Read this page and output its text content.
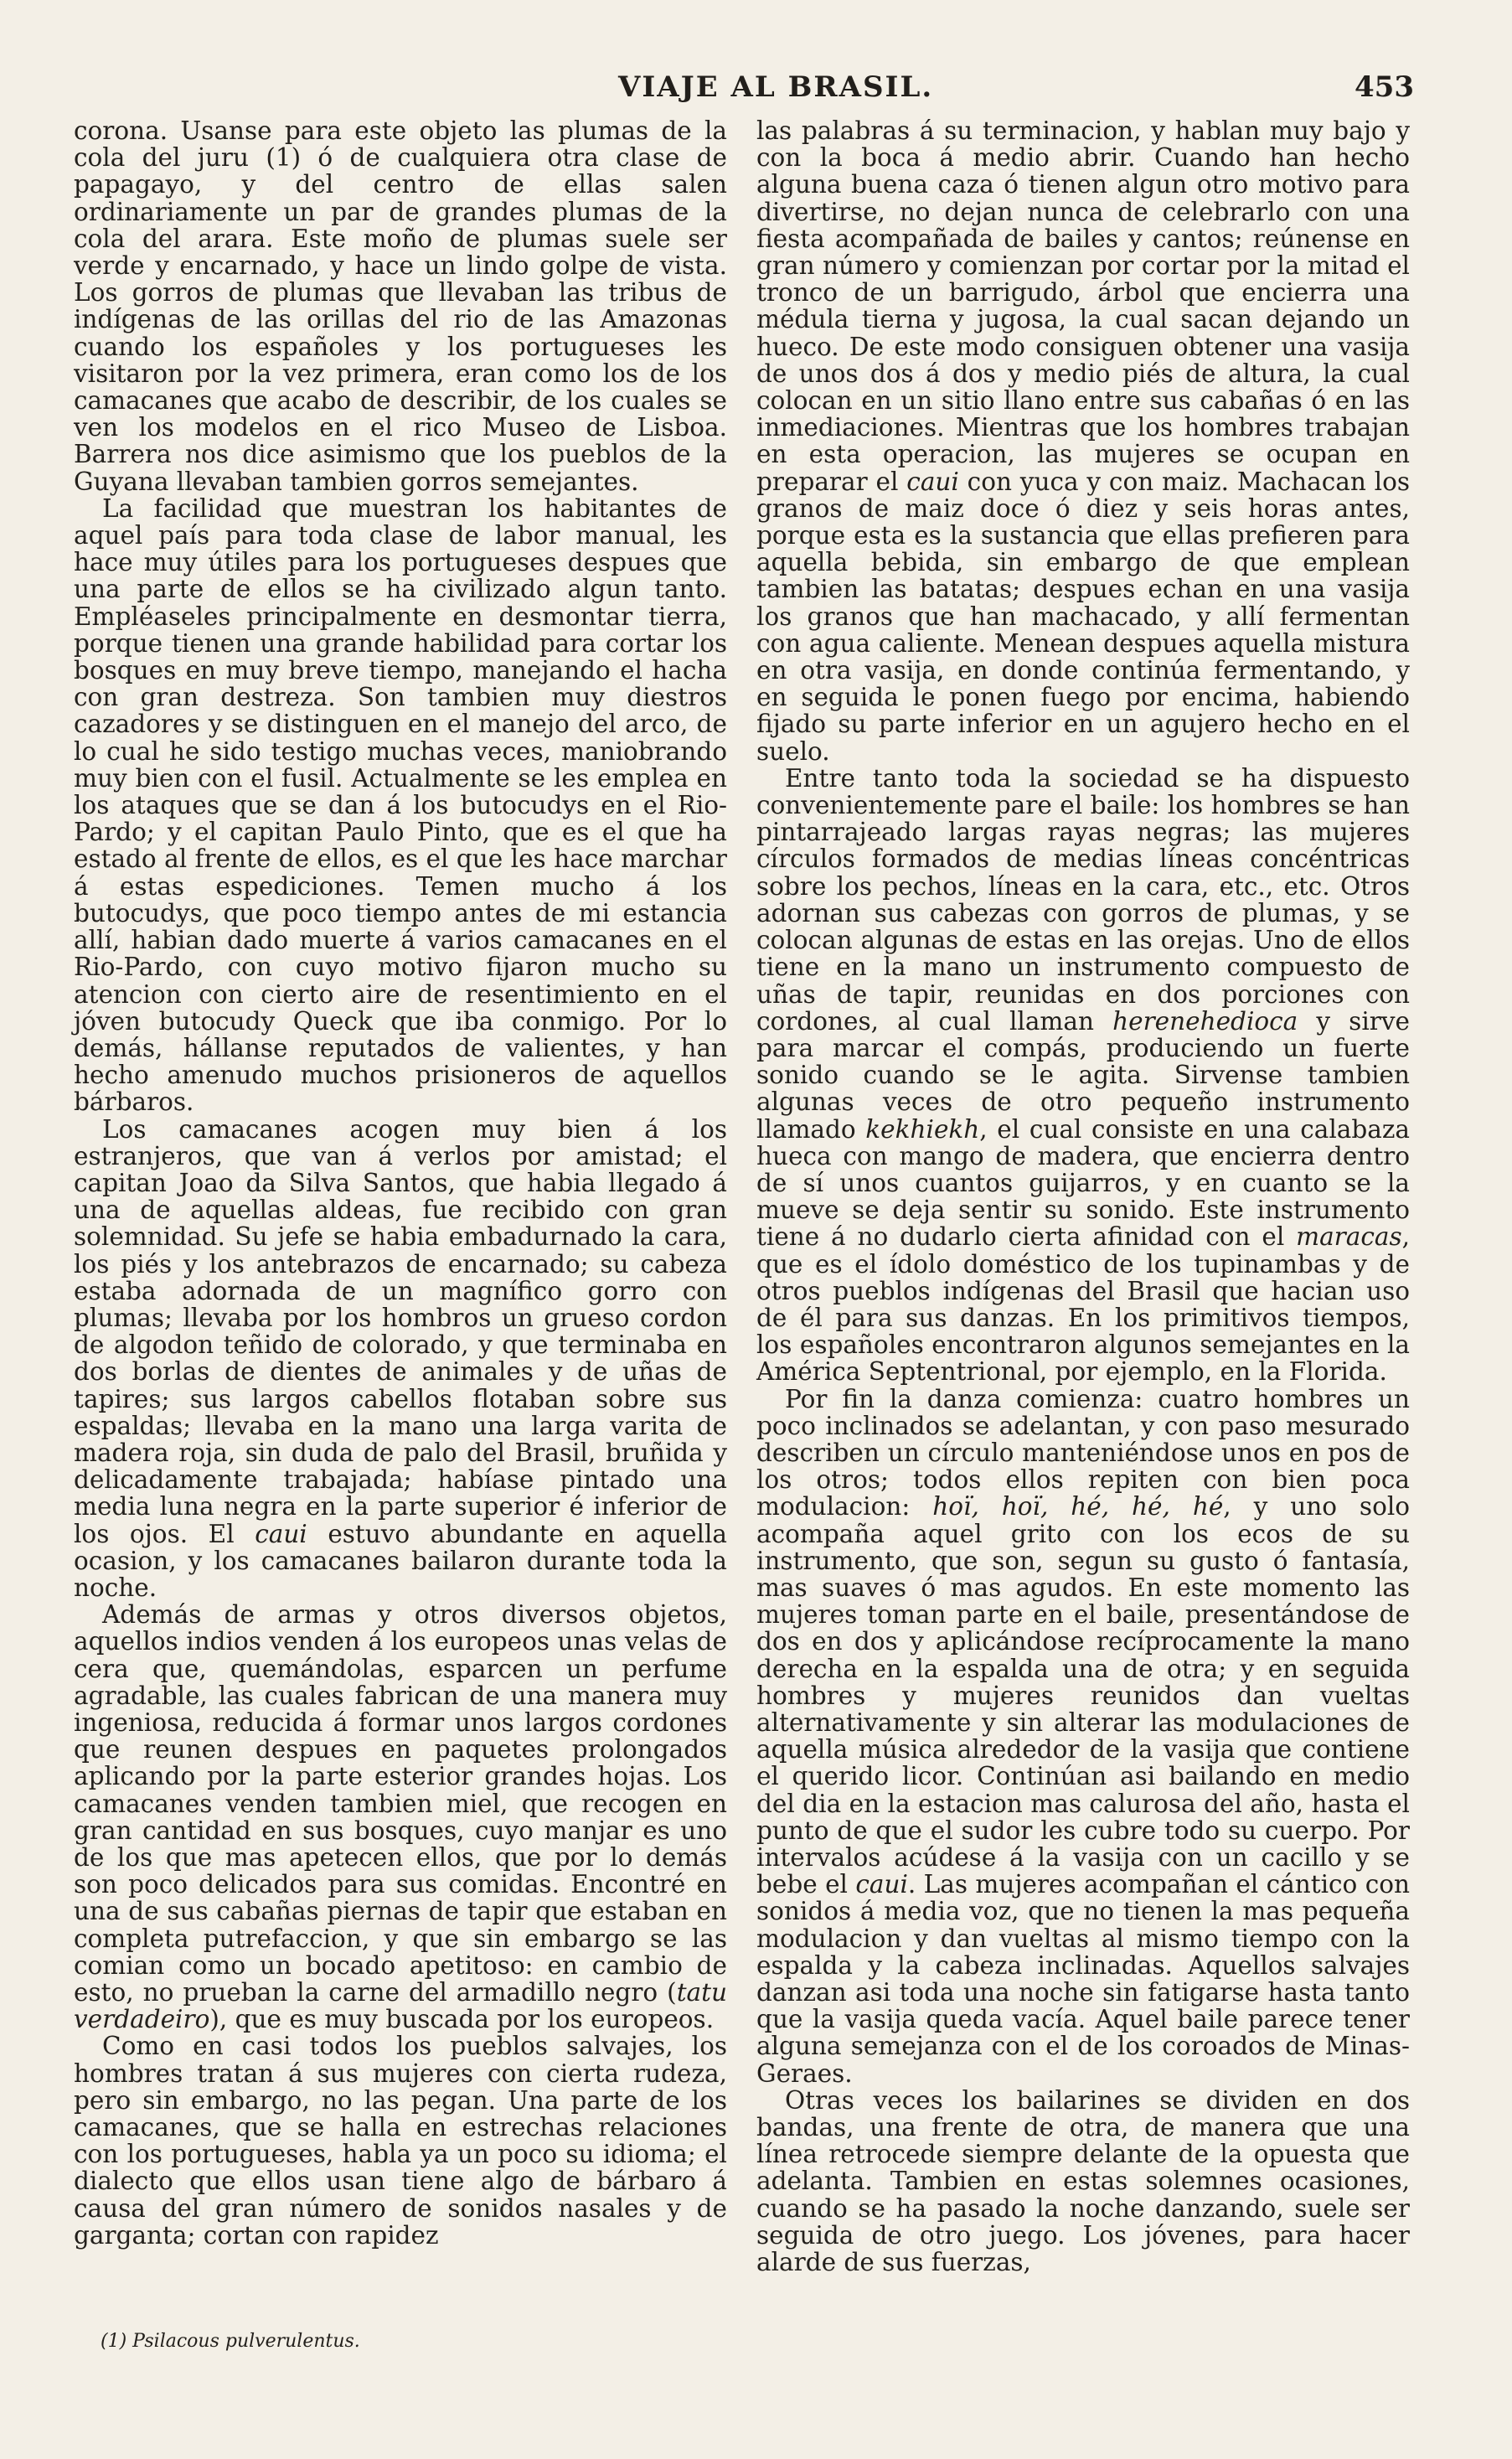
VIAJE AL BRASIL.	453

corona. Usanse para este objeto las plumas de la cola del juru (1) ó de cualquiera otra clase de papagayo, y del centro de ellas salen ordinariamente un par de grandes plumas de la cola del arara. Este moño de plumas suele ser verde y encarnado, y hace un lindo golpe de vista. Los gorros de plumas que llevaban las tribus de indígenas de las orillas del rio de las Amazonas cuando los españoles y los portugueses les visitaron por la vez primera, eran como los de los camacanes que acabo de describir, de los cuales se ven los modelos en el rico Museo de Lisboa. Barrera nos dice asimismo que los pueblos de la Guyana llevaban tambien gorros semejantes.

La facilidad que muestran los habitantes de aquel país para toda clase de labor manual, les hace muy útiles para los portugueses despues que una parte de ellos se ha civilizado algun tanto. Empléaseles principalmente en desmontar tierra, porque tienen una grande habilidad para cortar los bosques en muy breve tiempo, manejando el hacha con gran destreza. Son tambien muy diestros cazadores y se distinguen en el manejo del arco, de lo cual he sido testigo muchas veces, maniobrando muy bien con el fusil. Actualmente se les emplea en los ataques que se dan á los butocudys en el Rio-Pardo; y el capitan Paulo Pinto, que es el que ha estado al frente de ellos, es el que les hace marchar á estas espediciones. Temen mucho á los butocudys, que poco tiempo antes de mi estancia allí, habian dado muerte á varios camacanes en el Rio-Pardo, con cuyo motivo fijaron mucho su atencion con cierto aire de resentimiento en el jóven butocudy Queck que iba conmigo. Por lo demás, hállanse reputados de valientes, y han hecho amenudo muchos prisioneros de aquellos bárbaros.

Los camacanes acogen muy bien á los estranjeros, que van á verlos por amistad; el capitan Joao da Silva Santos, que habia llegado á una de aquellas aldeas, fue recibido con gran solemnidad. Su jefe se habia embadurnado la cara, los piés y los antebrazos de encarnado; su cabeza estaba adornada de un magnífico gorro con plumas; llevaba por los hombros un grueso cordon de algodon teñido de colorado, y que terminaba en dos borlas de dientes de animales y de uñas de tapires; sus largos cabellos flotaban sobre sus espaldas; llevaba en la mano una larga varita de madera roja, sin duda de palo del Brasil, bruñida y delicadamente trabajada; habíase pintado una media luna negra en la parte superior é inferior de los ojos. El caui estuvo abundante en aquella ocasion, y los camacanes bailaron durante toda la noche.

Además de armas y otros diversos objetos, aquellos indios venden á los europeos unas velas de cera que, quemándolas, esparcen un perfume agradable, las cuales fabrican de una manera muy ingeniosa, reducida á formar unos largos cordones que reunen despues en paquetes prolongados aplicando por la parte esterior grandes hojas. Los camacanes venden tambien miel, que recogen en gran cantidad en sus bosques, cuyo manjar es uno de los que mas apetecen ellos, que por lo demás son poco delicados para sus comidas. Encontré en una de sus cabañas piernas de tapir que estaban en completa putrefaccion, y que sin embargo se las comian como un bocado apetitoso: en cambio de esto, no prueban la carne del armadillo negro (tatu verdadeiro), que es muy buscada por los europeos.

Como en casi todos los pueblos salvajes, los hombres tratan á sus mujeres con cierta rudeza, pero sin embargo, no las pegan. Una parte de los camacanes, que se halla en estrechas relaciones con los portugueses, habla ya un poco su idioma; el dialecto que ellos usan tiene algo de bárbaro á causa del gran número de sonidos nasales y de garganta; cortan con rapidez

las palabras á su terminacion, y hablan muy bajo y con la boca á medio abrir. Cuando han hecho alguna buena caza ó tienen algun otro motivo para divertirse, no dejan nunca de celebrarlo con una fiesta acompañada de bailes y cantos; reúnense en gran número y comienzan por cortar por la mitad el tronco de un barrigudo, árbol que encierra una médula tierna y jugosa, la cual sacan dejando un hueco. De este modo consiguen obtener una vasija de unos dos á dos y medio piés de altura, la cual colocan en un sitio llano entre sus cabañas ó en las inmediaciones. Mientras que los hombres trabajan en esta operacion, las mujeres se ocupan en preparar el caui con yuca y con maiz. Machacan los granos de maiz doce ó diez y seis horas antes, porque esta es la sustancia que ellas prefieren para aquella bebida, sin embargo de que emplean tambien las batatas; despues echan en una vasija los granos que han machacado, y allí fermentan con agua caliente. Menean despues aquella mistura en otra vasija, en donde continúa fermentando, y en seguida le ponen fuego por encima, habiendo fijado su parte inferior en un agujero hecho en el suelo.

Entre tanto toda la sociedad se ha dispuesto convenientemente pare el baile: los hombres se han pintarrajeado largas rayas negras; las mujeres círculos formados de medias líneas concéntricas sobre los pechos, líneas en la cara, etc., etc. Otros adornan sus cabezas con gorros de plumas, y se colocan algunas de estas en las orejas. Uno de ellos tiene en la mano un instrumento compuesto de uñas de tapir, reunidas en dos porciones con cordones, al cual llaman herenehedioca y sirve para marcar el compás, produciendo un fuerte sonido cuando se le agita. Sirvense tambien algunas veces de otro pequeño instrumento llamado kekhiekh, el cual consiste en una calabaza hueca con mango de madera, que encierra dentro de sí unos cuantos guijarros, y en cuanto se la mueve se deja sentir su sonido. Este instrumento tiene á no dudarlo cierta afinidad con el maracas, que es el ídolo doméstico de los tupinambas y de otros pueblos indígenas del Brasil que hacian uso de él para sus danzas. En los primitivos tiempos, los españoles encontraron algunos semejantes en la América Septentrional, por ejemplo, en la Florida.

Por fin la danza comienza: cuatro hombres un poco inclinados se adelantan, y con paso mesurado describen un círculo manteniéndose unos en pos de los otros; todos ellos repiten con bien poca modulacion: hoï, hoï, hé, hé, hé, y uno solo acompaña aquel grito con los ecos de su instrumento, que son, segun su gusto ó fantasía, mas suaves ó mas agudos. En este momento las mujeres toman parte en el baile, presentándose de dos en dos y aplicándose recíprocamente la mano derecha en la espalda una de otra; y en seguida hombres y mujeres reunidos dan vueltas alternativamente y sin alterar las modulaciones de aquella música alrededor de la vasija que contiene el querido licor. Continúan asi bailando en medio del dia en la estacion mas calurosa del año, hasta el punto de que el sudor les cubre todo su cuerpo. Por intervalos acúdese á la vasija con un cacillo y se bebe el caui. Las mujeres acompañan el cántico con sonidos á media voz, que no tienen la mas pequeña modulacion y dan vueltas al mismo tiempo con la espalda y la cabeza inclinadas. Aquellos salvajes danzan asi toda una noche sin fatigarse hasta tanto que la vasija queda vacía. Aquel baile parece tener alguna semejanza con el de los coroados de Minas-Geraes.

Otras veces los bailarines se dividen en dos bandas, una frente de otra, de manera que una línea retrocede siempre delante de la opuesta que adelanta. Tambien en estas solemnes ocasiones, cuando se ha pasado la noche danzando, suele ser seguida de otro juego. Los jóvenes, para hacer alarde de sus fuerzas,

(1) Psilacous pulverulentus.
